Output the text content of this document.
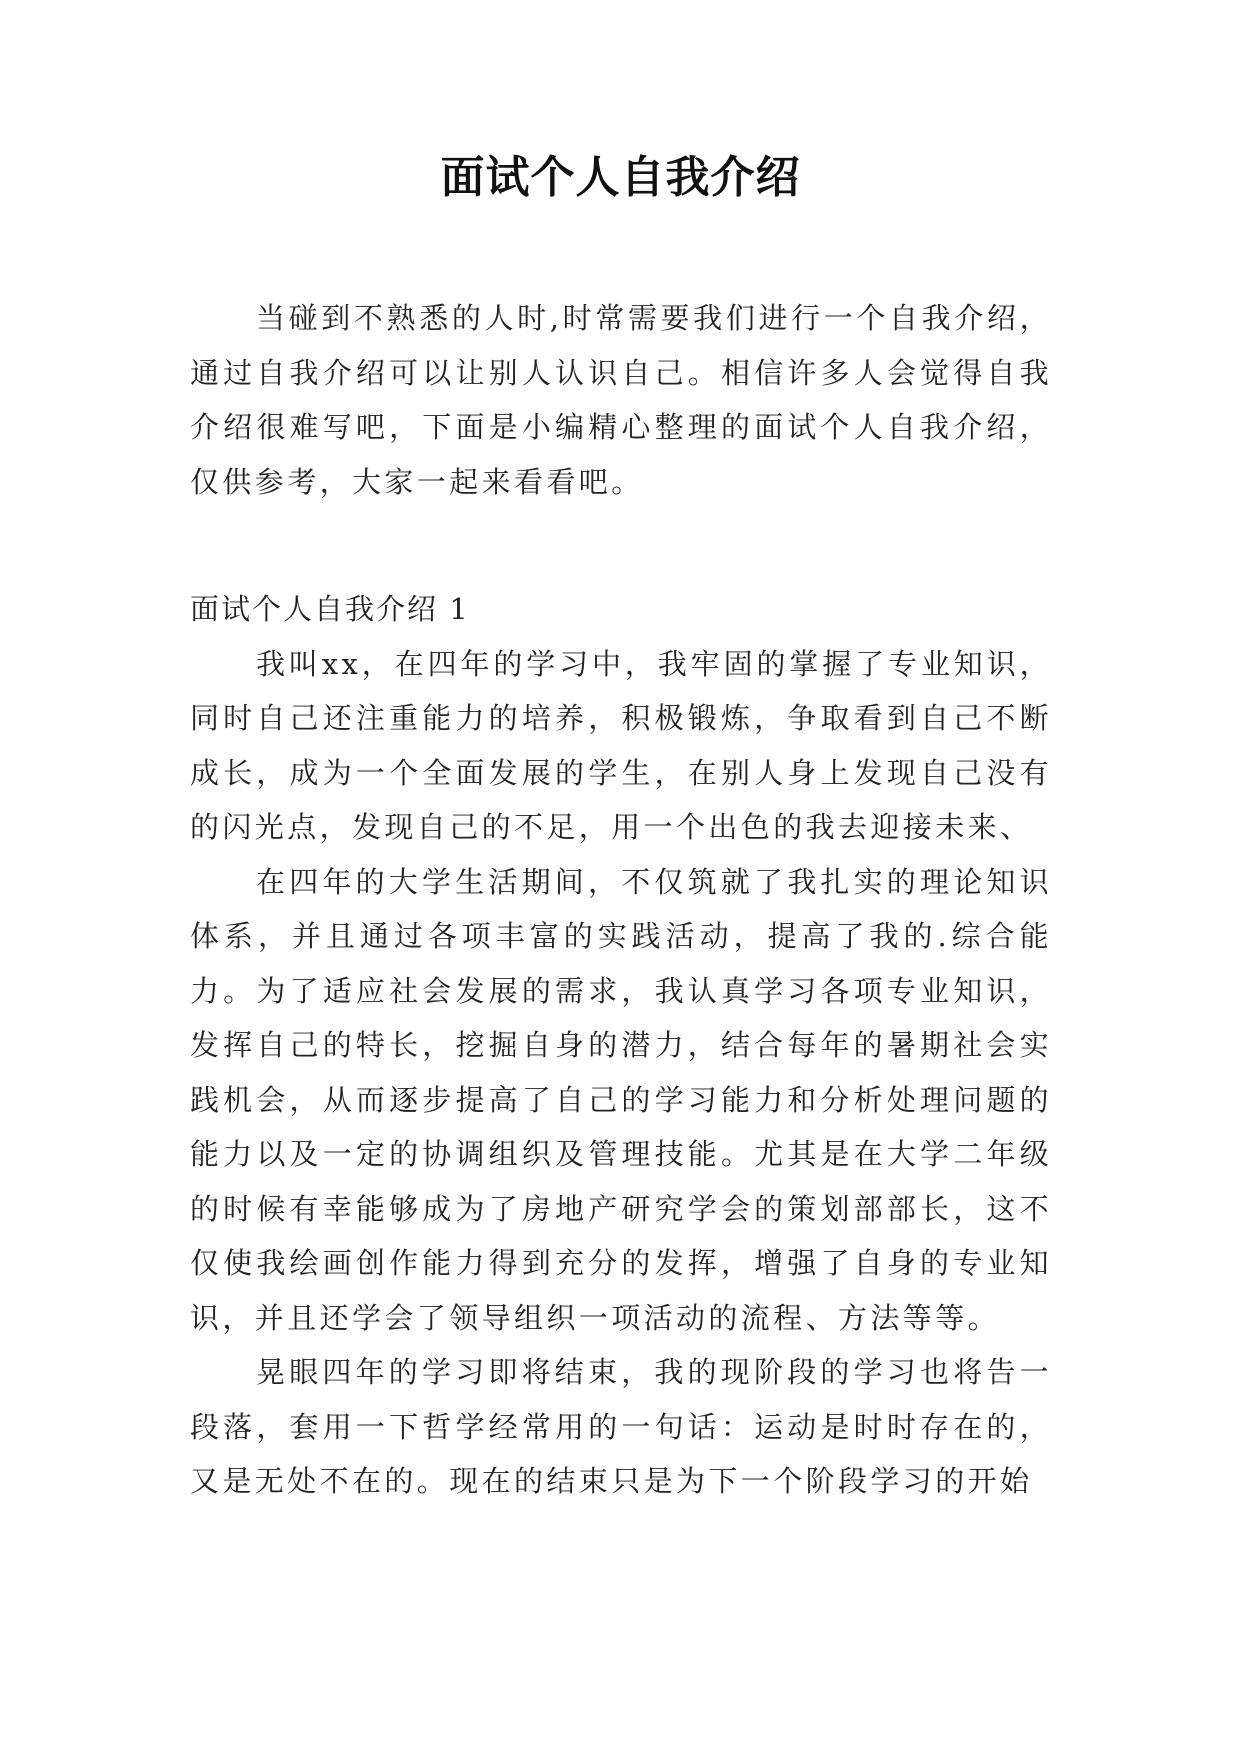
面试个人自我介绍

当碰到不熟悉的人时,时常需要我们进行一个自我介绍，通过自我介绍可以让别人认识自己。相信许多人会觉得自我介绍很难写吧，下面是小编精心整理的面试个人自我介绍，仅供参考，大家一起来看看吧。

面试个人自我介绍 1

我叫xx，在四年的学习中，我牢固的掌握了专业知识，同时自己还注重能力的培养，积极锻炼，争取看到自己不断成长，成为一个全面发展的学生，在别人身上发现自己没有的闪光点，发现自己的不足，用一个出色的我去迎接未来、

在四年的大学生活期间，不仅筑就了我扎实的理论知识体系，并且通过各项丰富的实践活动，提高了我的.综合能力。为了适应社会发展的需求，我认真学习各项专业知识，发挥自己的特长，挖掘自身的潜力，结合每年的暑期社会实践机会，从而逐步提高了自己的学习能力和分析处理问题的能力以及一定的协调组织及管理技能。尤其是在大学二年级的时候有幸能够成为了房地产研究学会的策划部部长，这不仅使我绘画创作能力得到充分的发挥，增强了自身的专业知识，并且还学会了领导组织一项活动的流程、方法等等。

晃眼四年的学习即将结束，我的现阶段的学习也将告一段落，套用一下哲学经常用的一句话：运动是时时存在的，又是无处不在的。现在的结束只是为下一个阶段学习的开始
